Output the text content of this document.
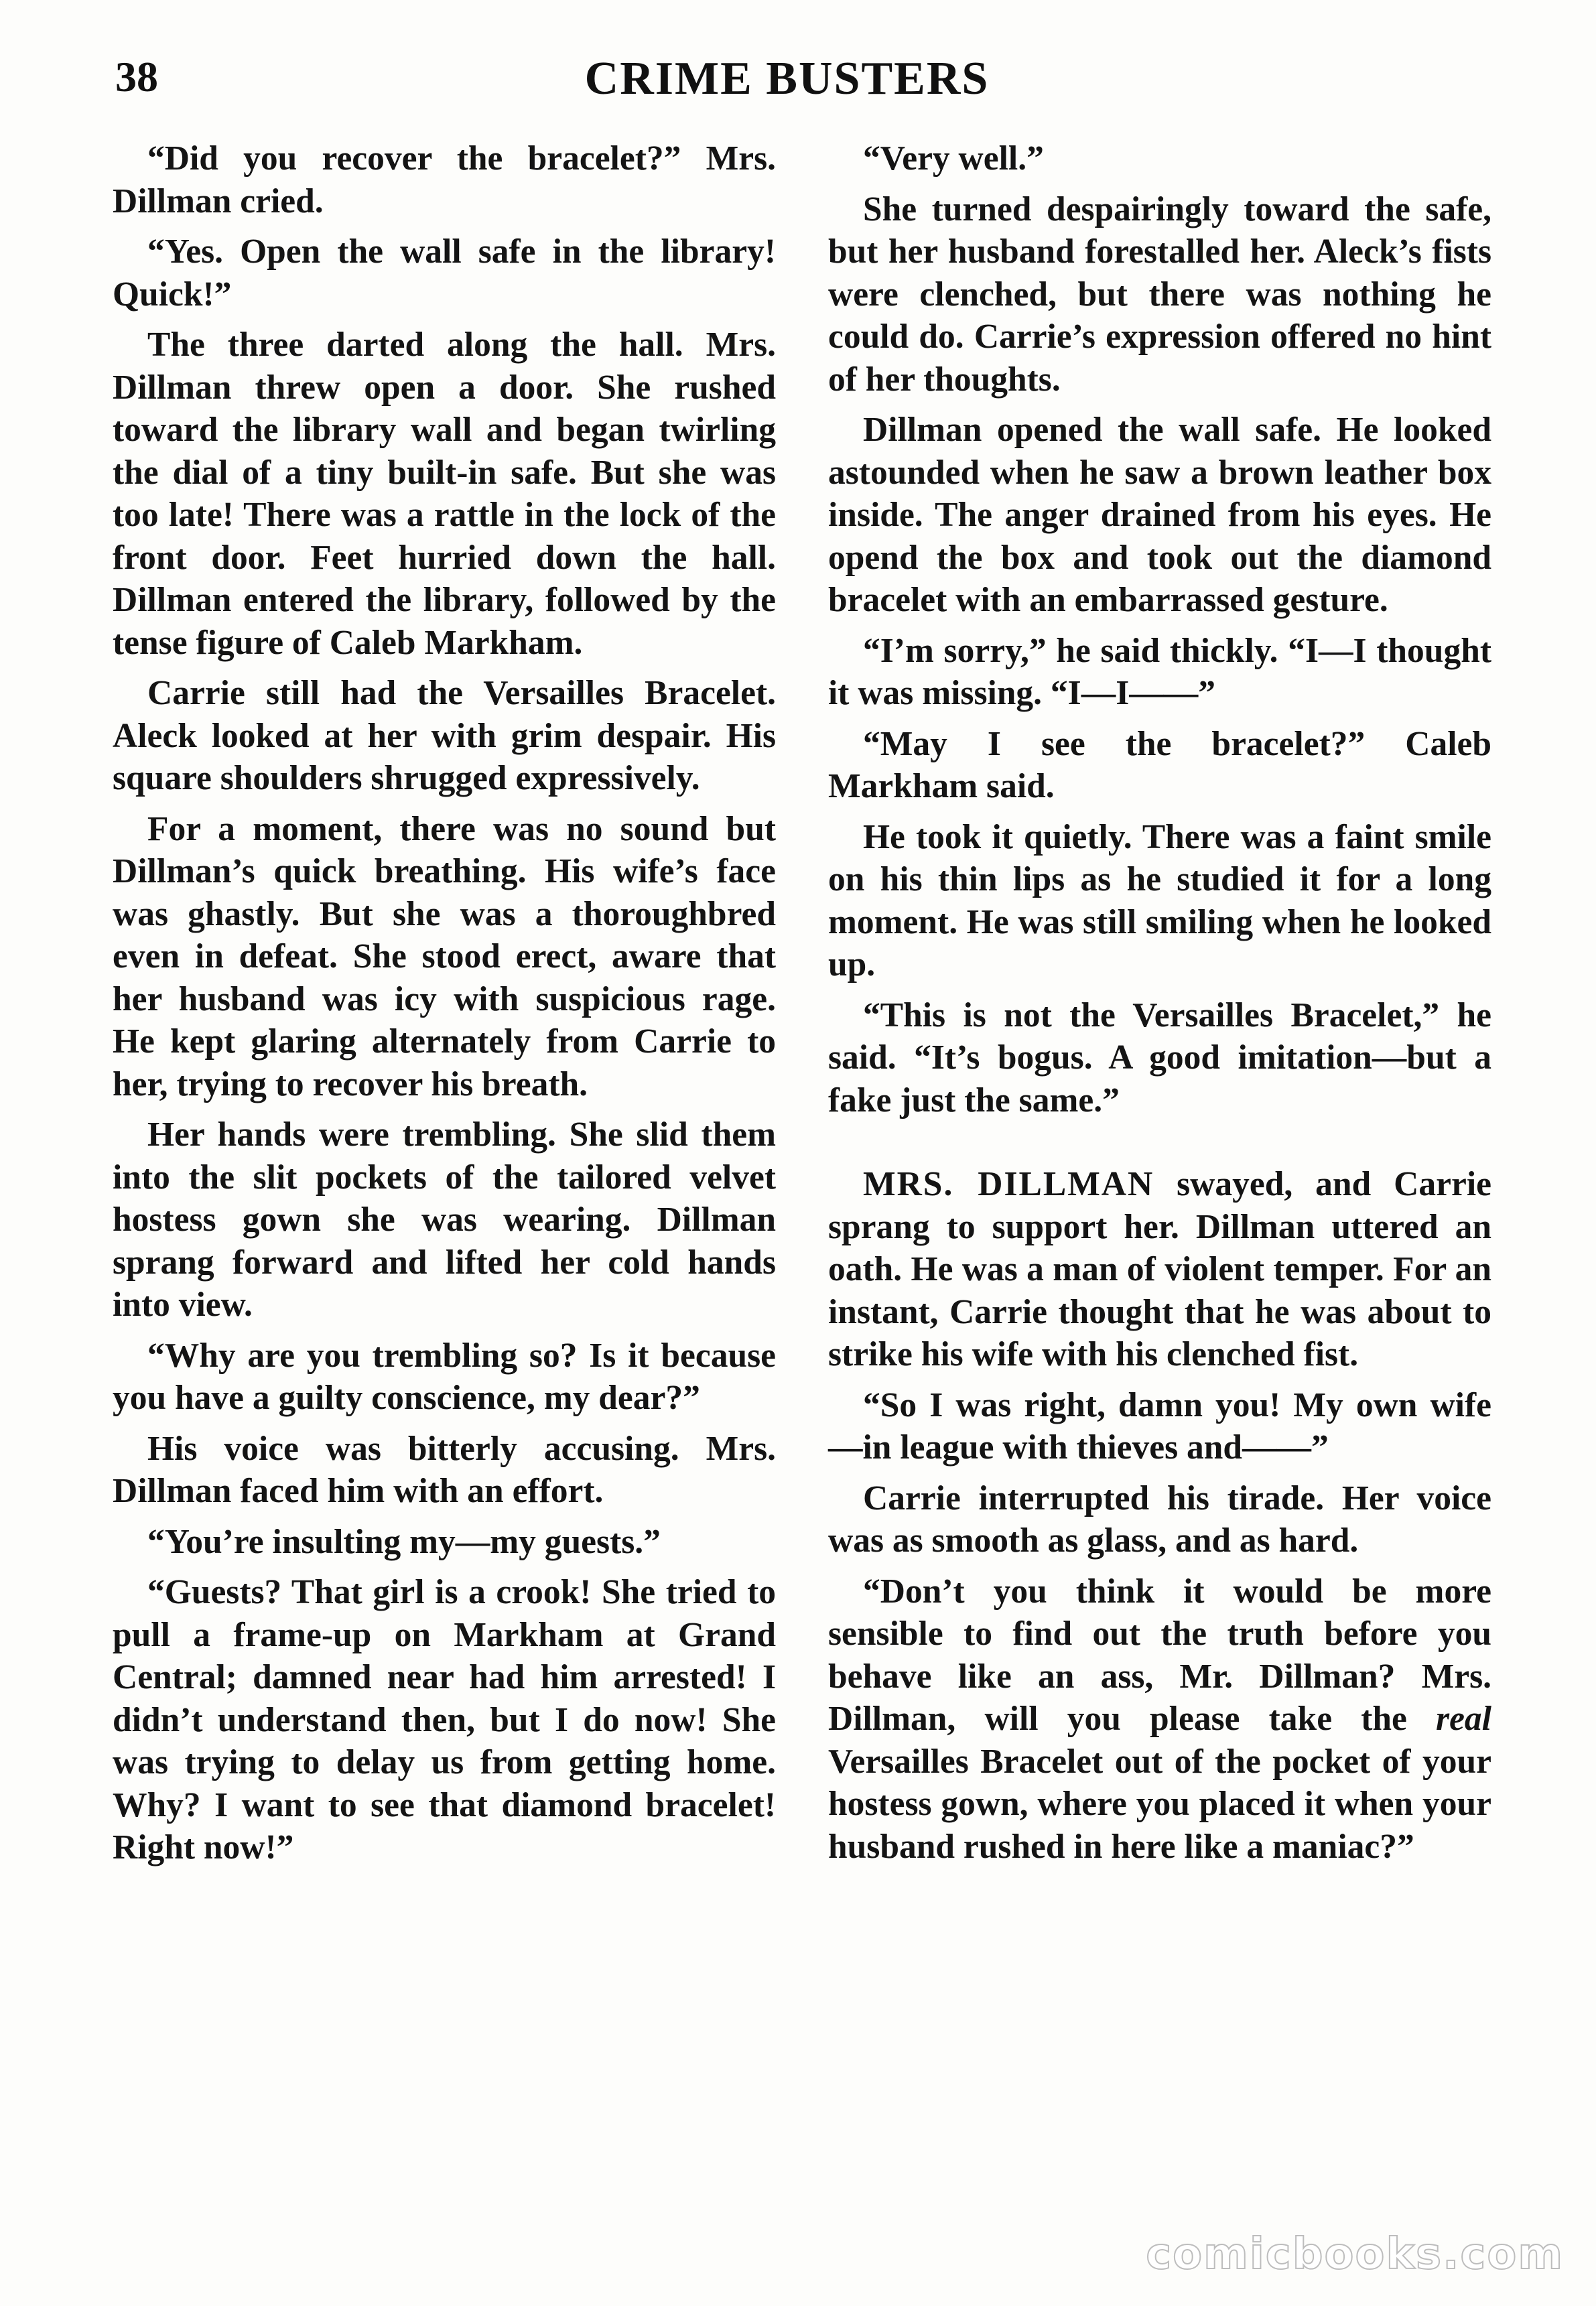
38	CRIME BUSTERS

“Did you recover the bracelet?” Mrs. Dillman cried.

“Yes. Open the wall safe in the library! Quick!”

The three darted along the hall. Mrs. Dillman threw open a door. She rushed toward the library wall and began twirling the dial of a tiny built-in safe. But she was too late! There was a rattle in the lock of the front door. Feet hurried down the hall. Dillman entered the library, followed by the tense figure of Caleb Markham.

Carrie still had the Versailles Bracelet. Aleck looked at her with grim despair. His square shoulders shrugged expressively.

For a moment, there was no sound but Dillman’s quick breathing. His wife’s face was ghastly. But she was a thoroughbred even in defeat. She stood erect, aware that her husband was icy with suspicious rage. He kept glaring alternately from Carrie to her, trying to recover his breath.

Her hands were trembling. She slid them into the slit pockets of the tailored velvet hostess gown she was wearing. Dillman sprang forward and lifted her cold hands into view.

“Why are you trembling so? Is it because you have a guilty conscience, my dear?”

His voice was bitterly accusing. Mrs. Dillman faced him with an effort.

“You’re insulting my—my guests.”

“Guests? That girl is a crook! She tried to pull a frame-up on Markham at Grand Central; damned near had him arrested! I didn’t understand then, but I do now! She was trying to delay us from getting home. Why? I want to see that diamond bracelet! Right now!”

“Very well.”

She turned despairingly toward the safe, but her husband forestalled her. Aleck’s fists were clenched, but there was nothing he could do. Carrie’s expression offered no hint of her thoughts.

Dillman opened the wall safe. He looked astounded when he saw a brown leather box inside. The anger drained from his eyes. He opend the box and took out the diamond bracelet with an embarrassed gesture.

“I’m sorry,” he said thickly. “I—I thought it was missing. “I—I——”

“May I see the bracelet?” Caleb Markham said.

He took it quietly. There was a faint smile on his thin lips as he studied it for a long moment. He was still smiling when he looked up.

“This is not the Versailles Bracelet,” he said. “It’s bogus. A good imitation—but a fake just the same.”

MRS. DILLMAN swayed, and Carrie sprang to support her. Dillman uttered an oath. He was a man of violent temper. For an instant, Carrie thought that he was about to strike his wife with his clenched fist.

“So I was right, damn you! My own wife—in league with thieves and——”

Carrie interrupted his tirade. Her voice was as smooth as glass, and as hard.

“Don’t you think it would be more sensible to find out the truth before you behave like an ass, Mr. Dillman? Mrs. Dillman, will you please take the real Versailles Bracelet out of the pocket of your hostess gown, where you placed it when your husband rushed in here like a maniac?”

comicbooks.com
